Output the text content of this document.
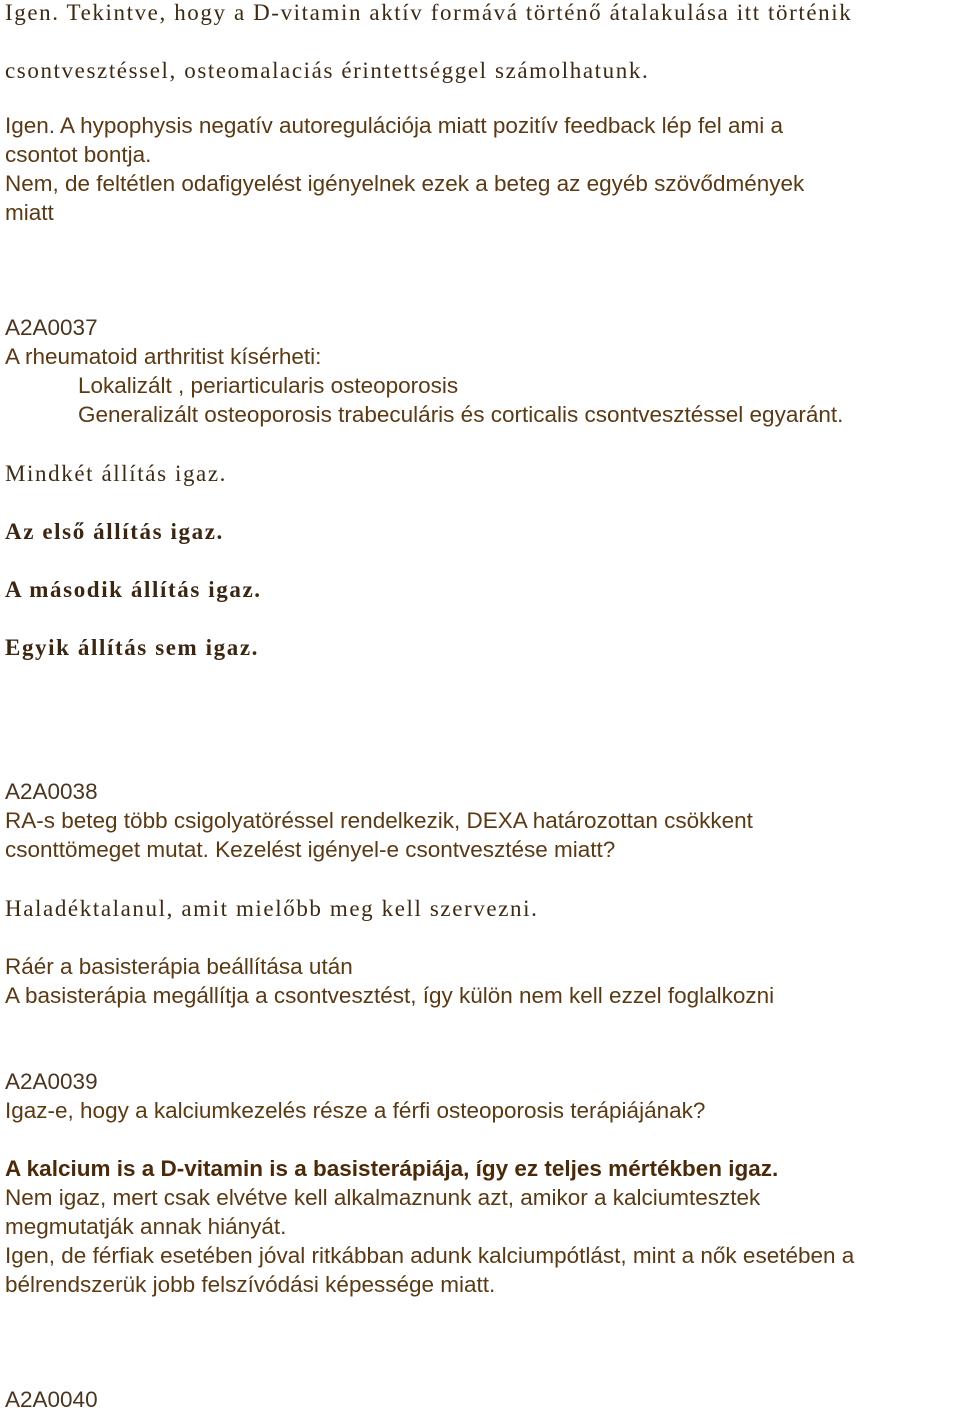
Igen. Tekintve, hogy a D-vitamin aktív formává történő átalakulása itt történik

csontvesztéssel, osteomalaciás érintettséggel számolhatunk.

Igen. A hypophysis negatív autoregulációja miatt pozitív feedback lép fel ami a

csontot bontja.

Nem, de feltétlen odafigyelést igényelnek ezek a beteg az egyéb szövődmények

miatt

A2A0037

A rheumatoid arthritist kísérheti:

Lokalizált , periarticularis osteoporosis

Generalizált osteoporosis trabeculáris és corticalis csontvesztéssel egyaránt.

Mindkét állítás igaz.

Az első állítás igaz.

A második állítás igaz.

Egyik állítás sem igaz.

A2A0038

RA-s beteg több csigolyatöréssel rendelkezik, DEXA határozottan csökkent

csonttömeget mutat. Kezelést igényel-e csontvesztése miatt?

Haladéktalanul, amit mielőbb meg kell szervezni.

Ráér a basisterápia beállítása után

A basisterápia megállítja a csontvesztést, így külön nem kell ezzel foglalkozni

A2A0039

Igaz-e, hogy a kalciumkezelés része a férfi osteoporosis terápiájának?

A kalcium is a D-vitamin is a basisterápiája, így ez teljes mértékben igaz.

Nem igaz, mert csak elvétve kell alkalmaznunk azt, amikor a kalciumtesztek

megmutatják annak hiányát.

Igen, de férfiak esetében jóval ritkábban adunk kalciumpótlást, mint a nők esetében a

bélrendszerük jobb felszívódási képessége miatt.

A2A0040
